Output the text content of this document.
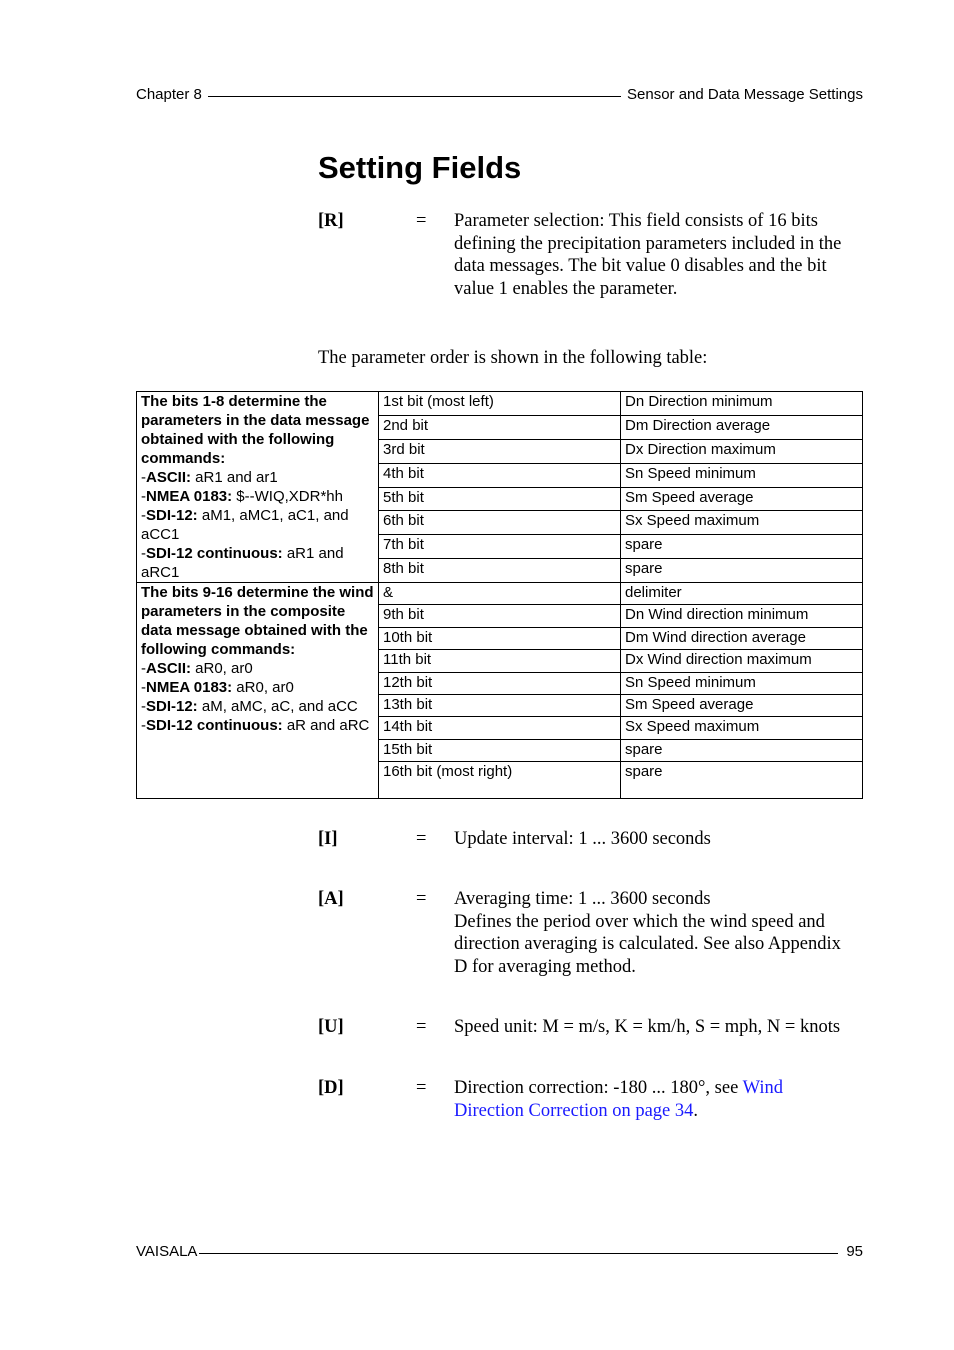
Chapter 8	Sensor and Data Message Settings
Setting Fields
[R]	= Parameter selection: This field consists of 16 bits
defining the precipitation parameters included in the
data messages. The bit value 0 disables and the bit
value 1 enables the parameter.
The parameter order is shown in the following table:

The bits 1-8 determine the parameters in the data message obtained with the following commands:

-ASCII: aR1 and ar1

-NMEA 0183: $--WIQ,XDR*hh

-SDI-12: aM1, aMC1, aC1, and aCC1

-SDI-12 continuous: aR1 and aRC1	1st bit (most left)	Dn Direction minimum
	2nd bit	Dm Direction average
	3rd bit	Dx Direction maximum
	4th bit	Sn Speed minimum
	5th bit	Sm Speed average
	6th bit	Sx Speed maximum
	7th bit	spare
	8th bit	spare

The bits 9-16 determine the wind parameters in the composite data message obtained with the following commands:

-ASCII: aR0, ar0

-NMEA 0183: aR0, ar0

-SDI-12: aM, aMC, aC, and aCC

-SDI-12 continuous: aR and aRC	&	delimiter
	9th bit	Dn Wind direction minimum
	10th bit	Dm Wind direction average
	11th bit	Dx Wind direction maximum
	12th bit	Sn Speed minimum
	13th bit	Sm Speed average
	14th bit	Sx Speed maximum
	15th bit	spare
	16th bit (most right)	spare
[I]	= Update interval: 1 ... 3600 seconds
[A]	= Averaging time: 1 ... 3600 seconds
Defines the period over which the wind speed and
direction averaging is calculated. See also Appendix
D for averaging method.
[U]	= Speed unit: M = m/s, K = km/h, S = mph, N = knots
[D]	= Direction correction: -180 ... 180°, see Wind
Direction Correction on page 34.
VAISALA	95
